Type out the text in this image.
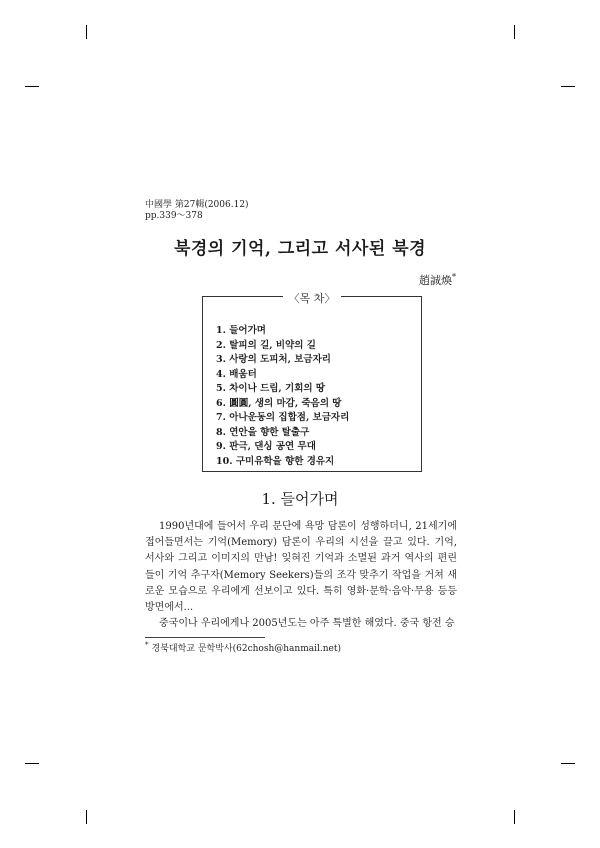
中國學 第27輯(2006.12)
pp.339～378
북경의 기억, 그리고 서사된 북경
趙誠煥*
〈목 차〉
1. 들어가며
2. 탈피의 길, 비약의 길
3. 사랑의 도피처, 보금자리
4. 배움터
5. 차이나 드림, 기회의 땅
6. 圓圓, 생의 마감, 죽음의 땅
7. 아나운동의 집합점, 보금자리
8. 연안을 향한 탈출구
9. 판극, 댄싱 공연 무대
10. 구미유학을 향한 경유지
1. 들어가며

1990년대에 들어서 우리 문단에 욕망 담론이 성행하더니, 21세기에 접어들면서는 기억(Memory) 담론이 우리의 시선을 끌고 있다. 기억, 서사와 그리고 이미지의 만남! 잊혀진 기억과 소멸된 과거 역사의 편린들이 기억 추구자(Memory Seekers)들의 조각 맞추기 작업을 거쳐 새로운 모습으로 우리에게 선보이고 있다. 특히 영화·문학·음악·무용 등등 방면에서...

중국이나 우리에게나 2005년도는 아주 특별한 해였다. 중국 항전 승

* 경북대학교 문학박사(62chosh@hanmail.net)
